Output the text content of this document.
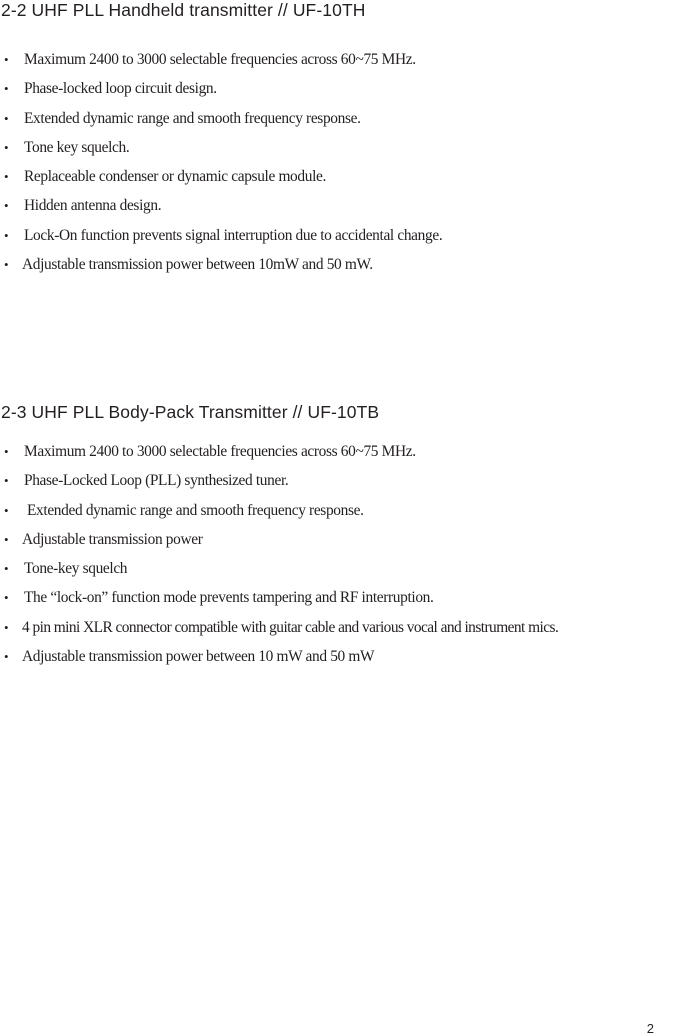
2-2 UHF PLL Handheld transmitter // UF-10TH
• Maximum 2400 to 3000 selectable frequencies across 60~75 MHz.
• Phase-locked loop circuit design.
• Extended dynamic range and smooth frequency response.
• Tone key squelch.
• Replaceable condenser or dynamic capsule module.
• Hidden antenna design.
• Lock-On function prevents signal interruption due to accidental change.
• Adjustable transmission power between 10mW and 50 mW.
2-3 UHF PLL Body-Pack Transmitter // UF-10TB
• Maximum 2400 to 3000 selectable frequencies across 60~75 MHz.
• Phase-Locked Loop (PLL) synthesized tuner.
• Extended dynamic range and smooth frequency response.
• Adjustable transmission power
• Tone-key squelch
• The “lock-on” function mode prevents tampering and RF interruption.
• 4 pin mini XLR connector compatible with guitar cable and various vocal and instrument mics.
• Adjustable transmission power between 10 mW and 50 mW
2
